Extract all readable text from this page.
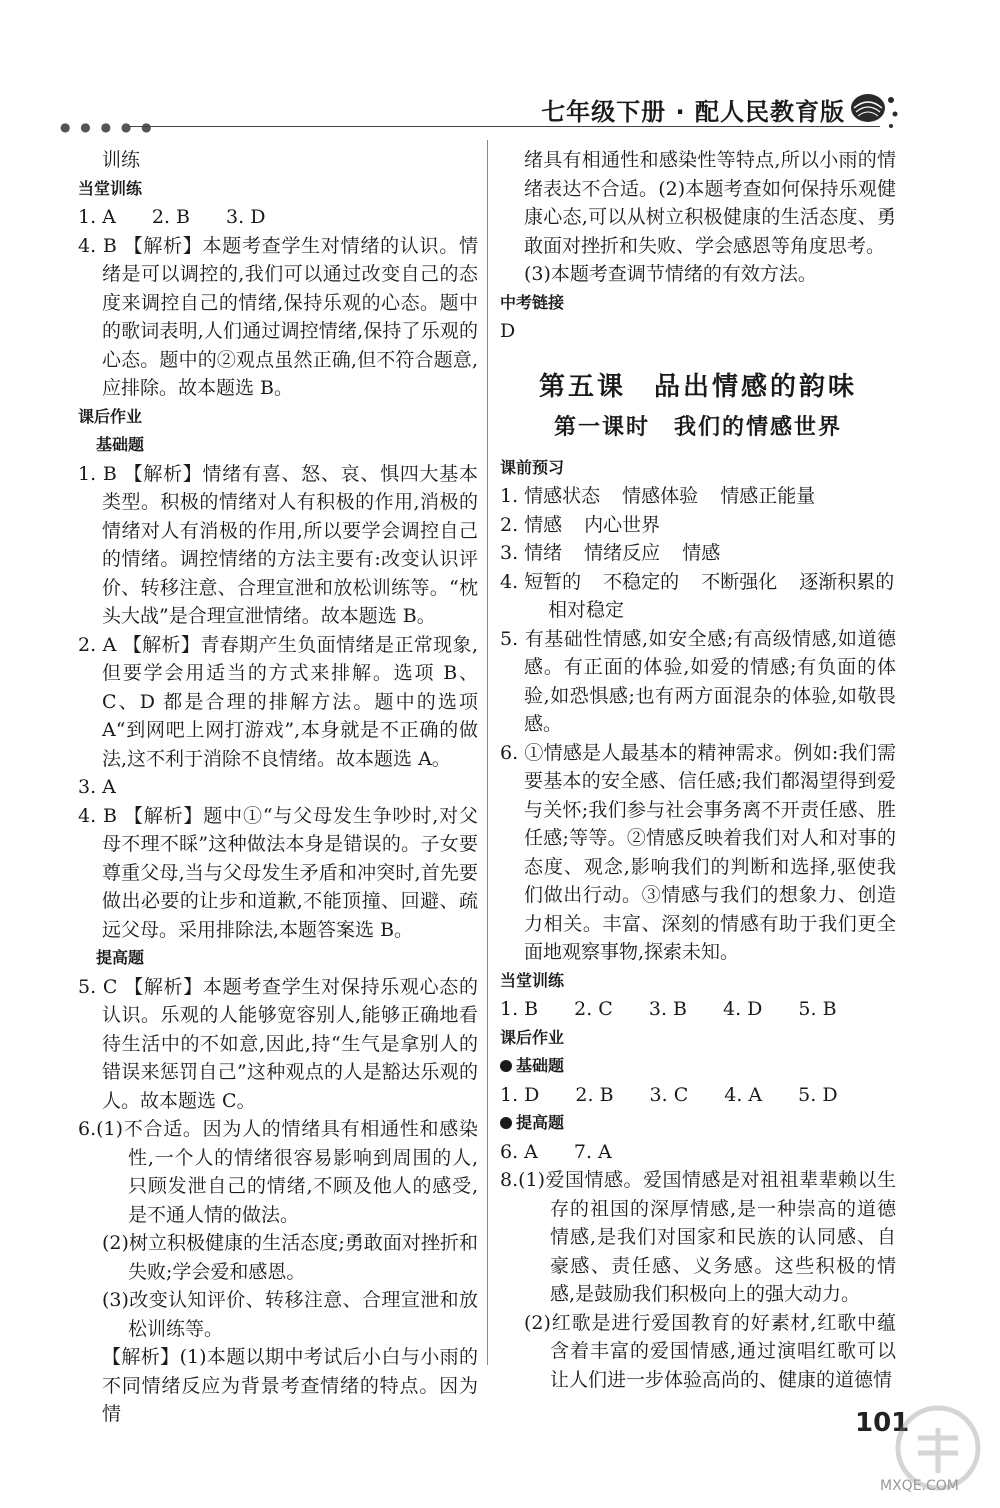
● ● ● ● ●
七年级下册 · 配人民教育版

训练

当堂训练

1. A 2. B 3. D

4. B 【解析】本题考查学生对情绪的认识。情绪是可以调控的,我们可以通过改变自己的态度来调控自己的情绪,保持乐观的心态。题中的歌词表明,人们通过调控情绪,保持了乐观的心态。题中的②观点虽然正确,但不符合题意,应排除。故本题选 B。

课后作业

基础题

1. B 【解析】情绪有喜、怒、哀、惧四大基本类型。积极的情绪对人有积极的作用,消极的情绪对人有消极的作用,所以要学会调控自己的情绪。调控情绪的方法主要有:改变认识评价、转移注意、合理宣泄和放松训练等。“枕头大战”是合理宣泄情绪。故本题选 B。

2. A 【解析】青春期产生负面情绪是正常现象,但要学会用适当的方式来排解。选项 B、C、D 都是合理的排解方法。题中的选项 A“到网吧上网打游戏”,本身就是不正确的做法,这不利于消除不良情绪。故本题选 A。

3. A

4. B 【解析】题中①“与父母发生争吵时,对父母不理不睬”这种做法本身是错误的。子女要尊重父母,当与父母发生矛盾和冲突时,首先要做出必要的让步和道歉,不能顶撞、回避、疏远父母。采用排除法,本题答案选 B。

提高题

5. C 【解析】本题考查学生对保持乐观心态的认识。乐观的人能够宽容别人,能够正确地看待生活中的不如意,因此,持“生气是拿别人的错误来惩罚自己”这种观点的人是豁达乐观的人。故本题选 C。

6.(1)不合适。因为人的情绪具有相通性和感染性,一个人的情绪很容易影响到周围的人,只顾发泄自己的情绪,不顾及他人的感受,是不通人情的做法。

(2)树立积极健康的生活态度;勇敢面对挫折和失败;学会爱和感恩。

(3)改变认知评价、转移注意、合理宣泄和放松训练等。

【解析】(1)本题以期中考试后小白与小雨的不同情绪反应为背景考查情绪的特点。因为情

绪具有相通性和感染性等特点,所以小雨的情绪表达不合适。(2)本题考查如何保持乐观健康心态,可以从树立积极健康的生活态度、勇敢面对挫折和失败、学会感恩等角度思考。

(3)本题考查调节情绪的有效方法。

中考链接

D

第五课 品出情感的韵味
第一课时 我们的情感世界

课前预习

1. 情感状态 情感体验 情感正能量
2. 情感 内心世界
3. 情绪 情绪反应 情感
4. 短暂的 不稳定的 不断强化 逐渐积累的
相对稳定

5. 有基础性情感,如安全感;有高级情感,如道德感。有正面的体验,如爱的情感;有负面的体验,如恐惧感;也有两方面混杂的体验,如敬畏感。

6. ①情感是人最基本的精神需求。例如:我们需要基本的安全感、信任感;我们都渴望得到爱与关怀;我们参与社会事务离不开责任感、胜任感;等等。②情感反映着我们对人和对事的态度、观念,影响我们的判断和选择,驱使我们做出行动。③情感与我们的想象力、创造力相关。丰富、深刻的情感有助于我们更全面地观察事物,探索未知。

当堂训练

1. B 2. C 3. B 4. D 5. B

课后作业

基础题

1. D 2. B 3. C 4. A 5. D

提高题

6. A 7. A

8.(1)爱国情感。爱国情感是对祖祖辈辈赖以生存的祖国的深厚情感,是一种崇高的道德情感,是我们对国家和民族的认同感、自豪感、责任感、义务感。这些积极的情感,是鼓励我们积极向上的强大动力。

(2)红歌是进行爱国教育的好素材,红歌中蕴含着丰富的爱国情感,通过演唱红歌可以让人们进一步体验高尚的、健康的道德情

101
MXQE.COM
